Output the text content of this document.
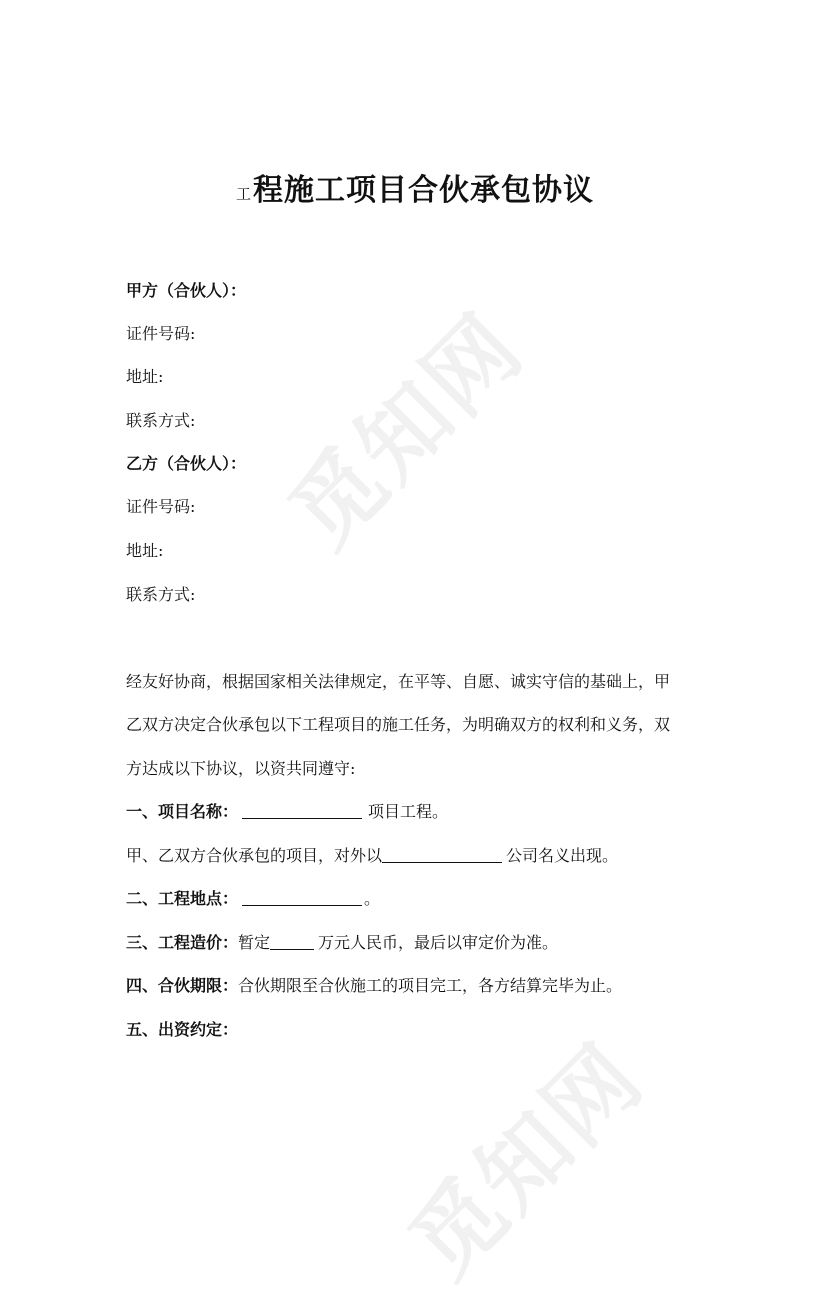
觅知网
觅知网
工程施工项目合伙承包协议
甲方（合伙人）：
证件号码:
地址:
联系方式:
乙方（合伙人）：
证件号码:
地址:
联系方式:
经友好协商，根据国家相关法律规定，在平等、自愿、诚实守信的基础上，甲
乙双方决定合伙承包以下工程项目的施工任务，为明确双方的权利和义务，双
方达成以下协议，以资共同遵守:
一、项目名称：	项目工程。
甲、乙双方合伙承包的项目，对外以	公司名义出现。
二、工程地点：	。
三、工程造价：暂定	万元人民币，最后以审定价为准。
四、合伙期限：合伙期限至合伙施工的项目完工，各方结算完毕为止。
五、出资约定：
